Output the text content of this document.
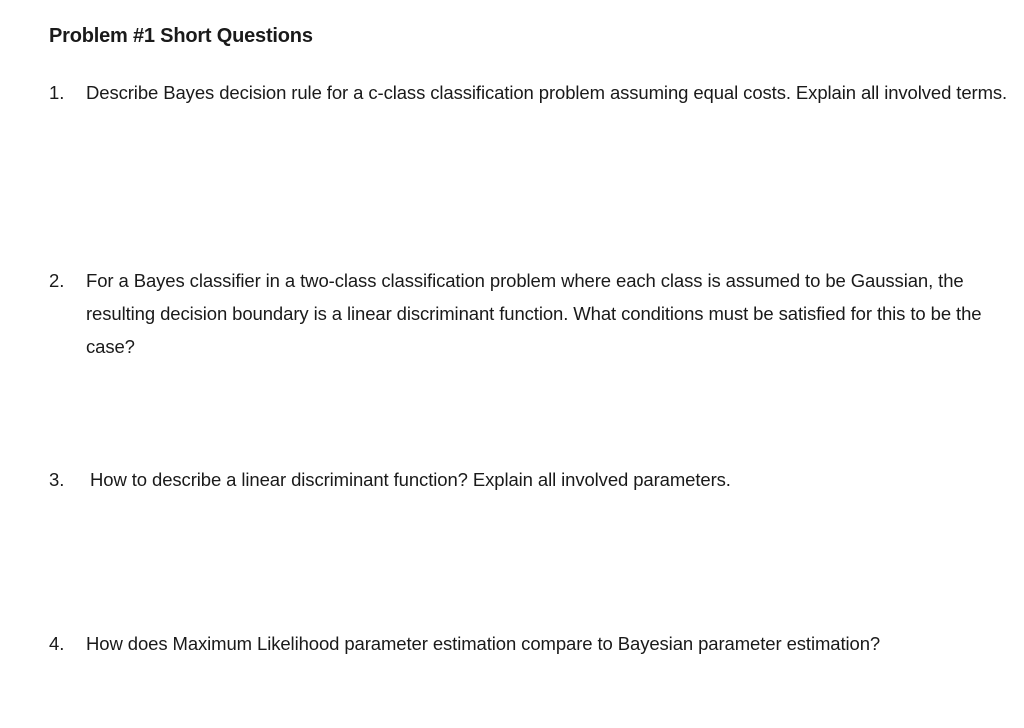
Problem #1 Short Questions
1. Describe Bayes decision rule for a c-class classification problem assuming equal costs. Explain all involved terms.
2. For a Bayes classifier in a two-class classification problem where each class is assumed to be Gaussian, the resulting decision boundary is a linear discriminant function. What conditions must be satisfied for this to be the case?
3. How to describe a linear discriminant function? Explain all involved parameters.
4. How does Maximum Likelihood parameter estimation compare to Bayesian parameter estimation?
